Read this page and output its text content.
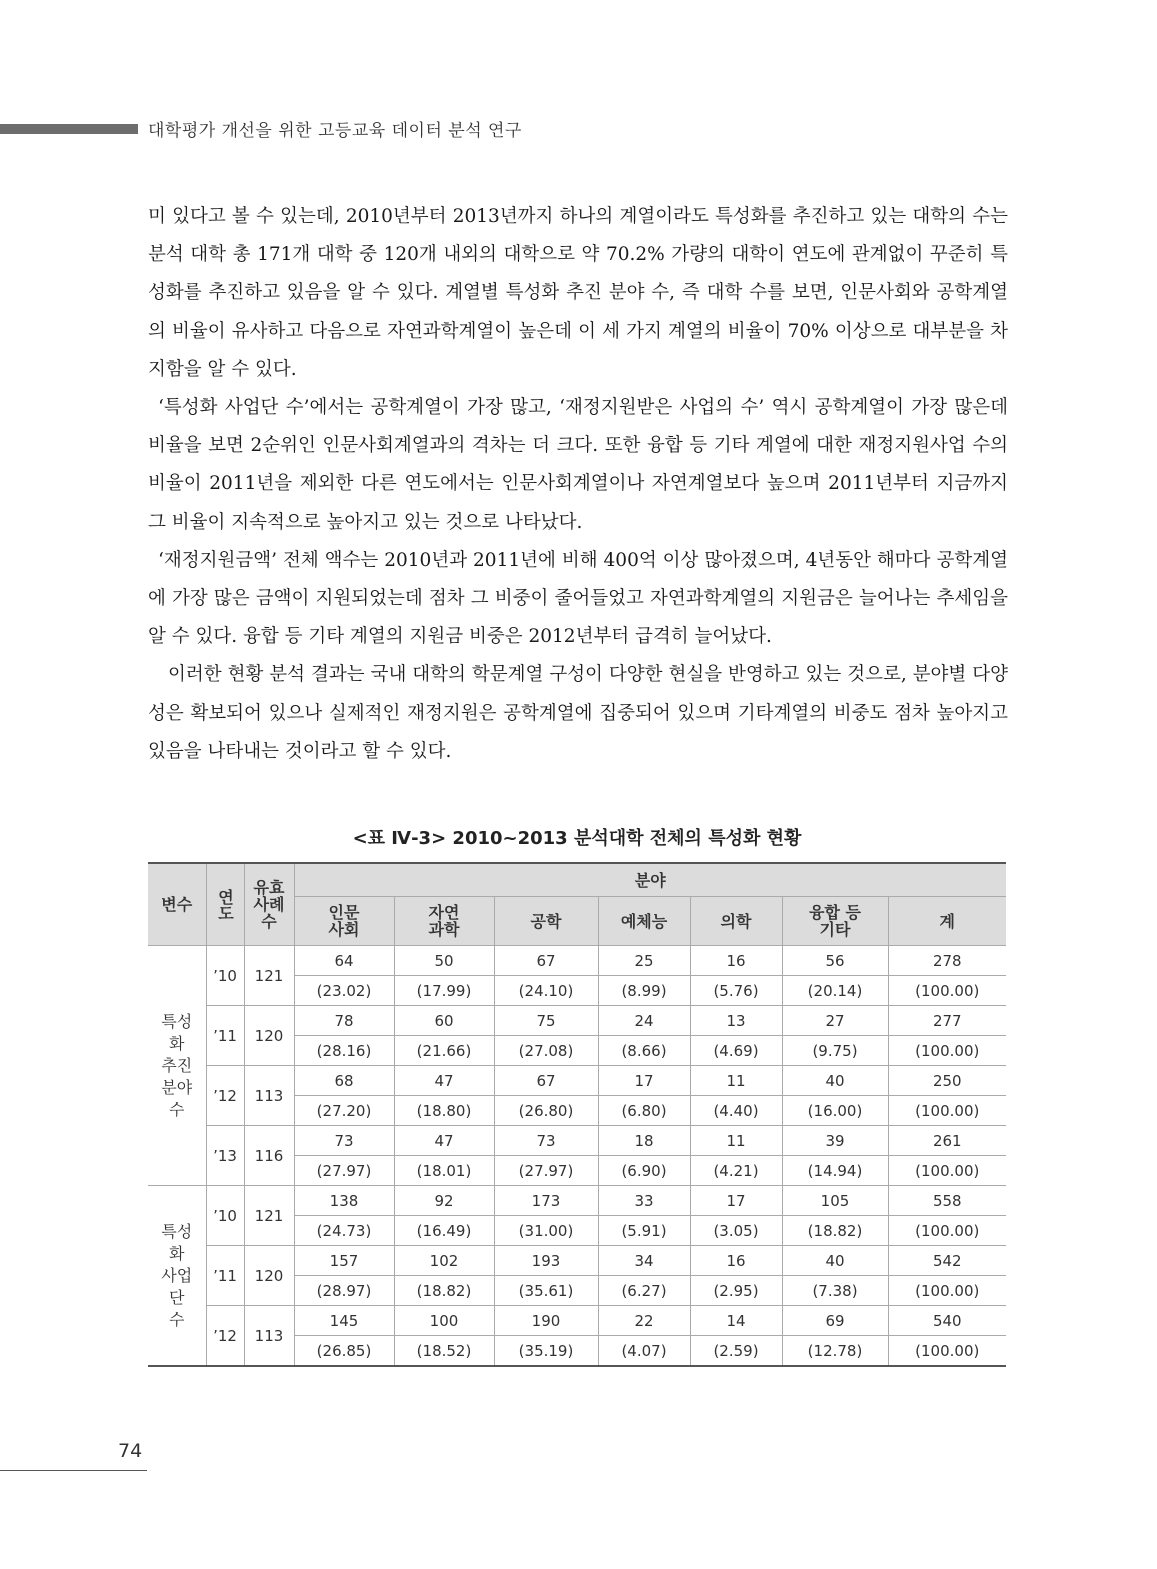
대학평가 개선을 위한 고등교육 데이터 분석 연구

미 있다고 볼 수 있는데, 2010년부터 2013년까지 하나의 계열이라도 특성화를 추진하고 있는 대학의 수는 분석 대학 총 171개 대학 중 120개 내외의 대학으로 약 70.2% 가량의 대학이 연도에 관계없이 꾸준히 특성화를 추진하고 있음을 알 수 있다. 계열별 특성화 추진 분야 수, 즉 대학 수를 보면, 인문사회와 공학계열의 비율이 유사하고 다음으로 자연과학계열이 높은데 이 세 가지 계열의 비율이 70% 이상으로 대부분을 차지함을 알 수 있다.

‘특성화 사업단 수’에서는 공학계열이 가장 많고, ‘재정지원받은 사업의 수’ 역시 공학계열이 가장 많은데 비율을 보면 2순위인 인문사회계열과의 격차는 더 크다. 또한 융합 등 기타 계열에 대한 재정지원사업 수의 비율이 2011년을 제외한 다른 연도에서는 인문사회계열이나 자연계열보다 높으며 2011년부터 지금까지 그 비율이 지속적으로 높아지고 있는 것으로 나타났다.

‘재정지원금액’ 전체 액수는 2010년과 2011년에 비해 400억 이상 많아졌으며, 4년동안 해마다 공학계열에 가장 많은 금액이 지원되었는데 점차 그 비중이 줄어들었고 자연과학계열의 지원금은 늘어나는 추세임을 알 수 있다. 융합 등 기타 계열의 지원금 비중은 2012년부터 급격히 늘어났다.

이러한 현황 분석 결과는 국내 대학의 학문계열 구성이 다양한 현실을 반영하고 있는 것으로, 분야별 다양성은 확보되어 있으나 실제적인 재정지원은 공학계열에 집중되어 있으며 기타계열의 비중도 점차 높아지고 있음을 나타내는 것이라고 할 수 있다.

<표 Ⅳ-3> 2010~2013 분석대학 전체의 특성화 현황
변수	연도	유효사례수	분야						
			인문사회	자연과학	공학	예체능	의학	융합 등 기타	계
특성화 추진 분야 수	’10	121	64	50	67	25	16	56	278
			(23.02)	(17.99)	(24.10)	(8.99)	(5.76)	(20.14)	(100.00)
	’11	120	78	60	75	24	13	27	277
			(28.16)	(21.66)	(27.08)	(8.66)	(4.69)	(9.75)	(100.00)
	’12	113	68	47	67	17	11	40	250
			(27.20)	(18.80)	(26.80)	(6.80)	(4.40)	(16.00)	(100.00)
	’13	116	73	47	73	18	11	39	261
			(27.97)	(18.01)	(27.97)	(6.90)	(4.21)	(14.94)	(100.00)
특성화 사업단 수	’10	121	138	92	173	33	17	105	558
			(24.73)	(16.49)	(31.00)	(5.91)	(3.05)	(18.82)	(100.00)
	’11	120	157	102	193	34	16	40	542
			(28.97)	(18.82)	(35.61)	(6.27)	(2.95)	(7.38)	(100.00)
	’12	113	145	100	190	22	14	69	540
			(26.85)	(18.52)	(35.19)	(4.07)	(2.59)	(12.78)	(100.00)
74
